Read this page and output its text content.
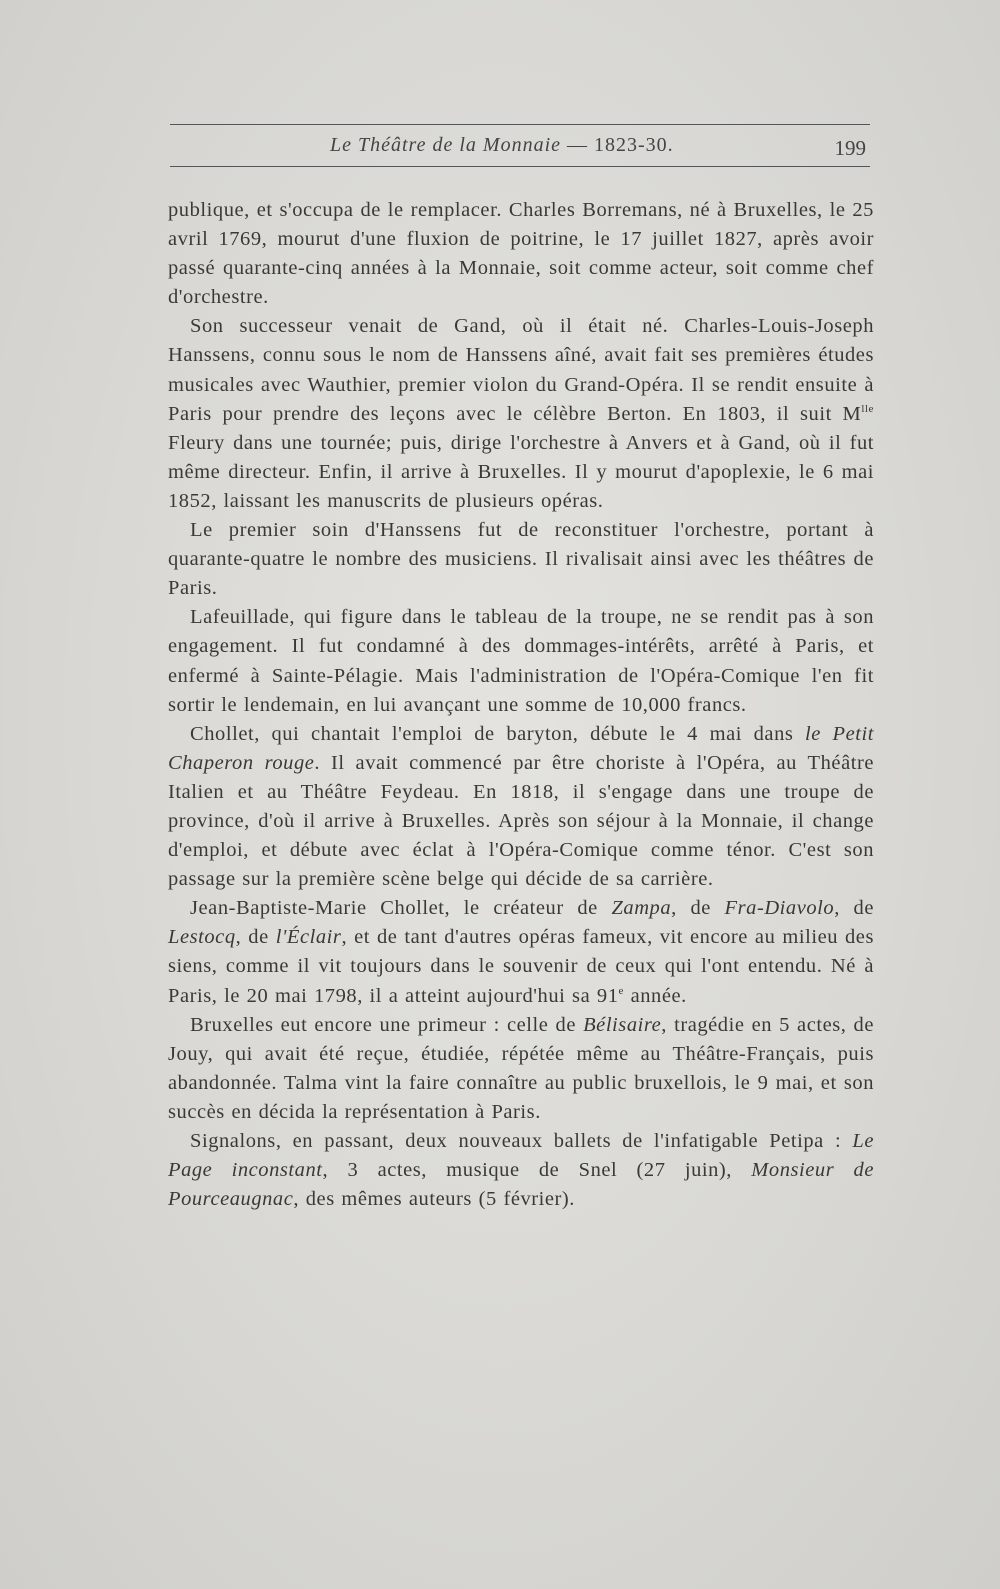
Le Théâtre de la Monnaie — 1823-30.	199

publique, et s'occupa de le remplacer. Charles Borremans, né à Bruxelles, le 25 avril 1769, mourut d'une fluxion de poitrine, le 17 juillet 1827, après avoir passé quarante-cinq années à la Monnaie, soit comme acteur, soit comme chef d'orchestre.

Son successeur venait de Gand, où il était né. Charles-Louis-Joseph Hanssens, connu sous le nom de Hanssens aîné, avait fait ses premières études musicales avec Wauthier, premier violon du Grand-Opéra. Il se rendit ensuite à Paris pour prendre des leçons avec le célèbre Berton. En 1803, il suit $M^{lle}$ Fleury dans une tournée; puis, dirige l'orchestre à Anvers et à Gand, où il fut même directeur. Enfin, il arrive à Bruxelles. Il y mourut d'apoplexie, le 6 mai 1852, laissant les manuscrits de plusieurs opéras.

Le premier soin d'Hanssens fut de reconstituer l'orchestre, portant à quarante-quatre le nombre des musiciens. Il rivalisait ainsi avec les théâtres de Paris.

Lafeuillade, qui figure dans le tableau de la troupe, ne se rendit pas à son engagement. Il fut condamné à des dommages-intérêts, arrêté à Paris, et enfermé à Sainte-Pélagie. Mais l'administration de l'Opéra-Comique l'en fit sortir le lendemain, en lui avançant une somme de 10,000 francs.

Chollet, qui chantait l'emploi de baryton, débute le 4 mai dans le Petit Chaperon rouge. Il avait commencé par être choriste à l'Opéra, au Théâtre Italien et au Théâtre Feydeau. En 1818, il s'engage dans une troupe de province, d'où il arrive à Bruxelles. Après son séjour à la Monnaie, il change d'emploi, et débute avec éclat à l'Opéra-Comique comme ténor. C'est son passage sur la première scène belge qui décide de sa carrière.

Jean-Baptiste-Marie Chollet, le créateur de Zampa, de Fra-Diavolo, de Lestocq, de l'Éclair, et de tant d'autres opéras fameux, vit encore au milieu des siens, comme il vit toujours dans le souvenir de ceux qui l'ont entendu. Né à Paris, le 20 mai 1798, il a atteint aujourd'hui sa 91e année.

Bruxelles eut encore une primeur : celle de Bélisaire, tragédie en 5 actes, de Jouy, qui avait été reçue, étudiée, répétée même au Théâtre-Français, puis abandonnée. Talma vint la faire connaître au public bruxellois, le 9 mai, et son succès en décida la représentation à Paris.

Signalons, en passant, deux nouveaux ballets de l'infatigable Petipa : Le Page inconstant, 3 actes, musique de Snel (27 juin), Monsieur de Pourceaugnac, des mêmes auteurs (5 février).
